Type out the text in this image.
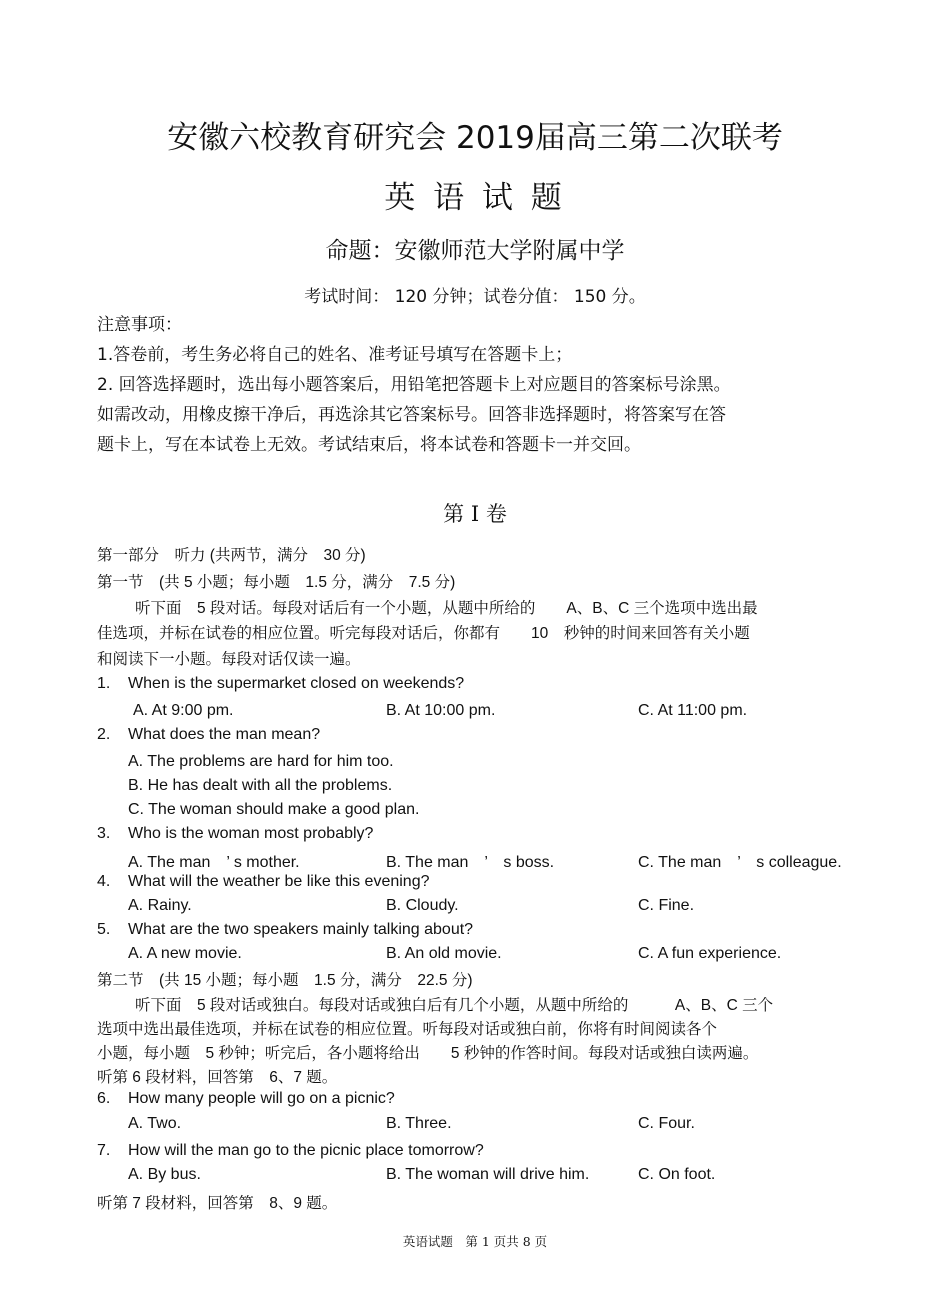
安徽六校教育研究会 2019届高三第二次联考
英 语 试 题
命题：安徽师范大学附属中学
考试时间： 120 分钟；试卷分值： 150 分。
注意事项：
1.答卷前，考生务必将自己的姓名、准考证号填写在答题卡上；
2. 回答选择题时，选出每小题答案后，用铅笔把答题卡上对应题目的答案标号涂黑。
如需改动，用橡皮擦干净后，再选涂其它答案标号。回答非选择题时，将答案写在答
题卡上，写在本试卷上无效。考试结束后，将本试卷和答题卡一并交回。
第 I 卷
第一部分　听力 (共两节，满分　30 分)
第一节　(共 5 小题；每小题　1.5 分，满分　7.5 分)
听下面　5 段对话。每段对话后有一个小题，从题中所给的　　A、B、C 三个选项中选出最
佳选项，并标在试卷的相应位置。听完每段对话后，你都有　　10　秒钟的时间来回答有关小题
和阅读下一小题。每段对话仅读一遍。
1. When is the supermarket closed on weekends?
A. At 9:00 pm.	B. At 10:00 pm.	C. At 11:00 pm.
2. What does the man mean?
A. The problems are hard for him too.
B. He has dealt with all the problems.
C. The woman should make a good plan.
3. Who is the woman most probably?
A. The man　’ s mother.	B. The man　’　s boss.	C. The man　’　s colleague.
4. What will the weather be like this evening?
A. Rainy.	B. Cloudy.	C. Fine.
5. What are the two speakers mainly talking about?
A. A new movie.	B. An old movie.	C. A fun experience.
第二节　(共 15 小题；每小题　1.5 分，满分　22.5 分)
听下面　5 段对话或独白。每段对话或独白后有几个小题，从题中所给的　　　A、B、C 三个
选项中选出最佳选项，并标在试卷的相应位置。听每段对话或独白前，你将有时间阅读各个
小题，每小题　5 秒钟；听完后，各小题将给出　　5 秒钟的作答时间。每段对话或独白读两遍。
听第 6 段材料，回答第　6、7 题。
6. How many people will go on a picnic?
A. Two.	B. Three.	C. Four.
7. How will the man go to the picnic place tomorrow?
A. By bus.	B. The woman will drive him.	C. On foot.
听第 7 段材料，回答第　8、9 题。
英语试题　第 1 页共 8 页
